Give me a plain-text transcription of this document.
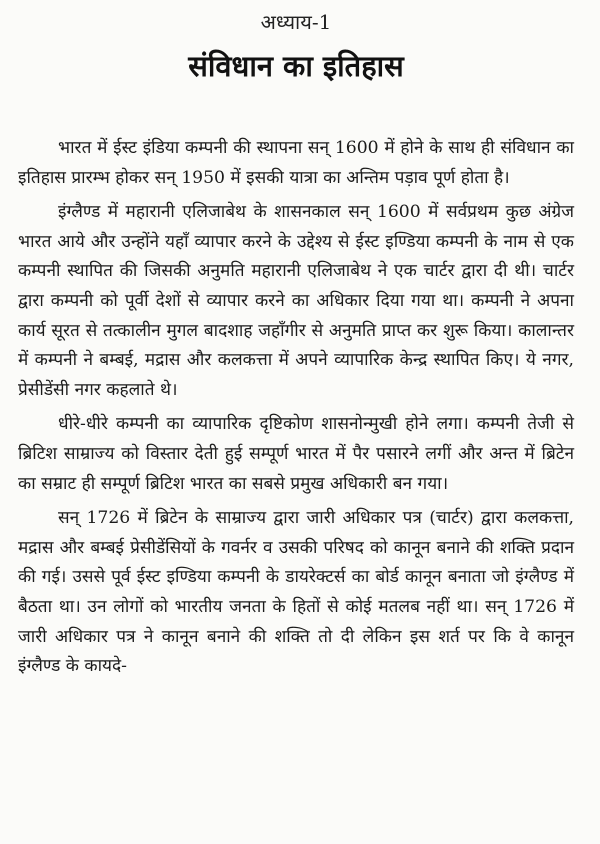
अध्याय-1

संविधान का इतिहास

भारत में ईस्ट इंडिया कम्पनी की स्थापना सन् 1600 में होने के साथ ही संविधान का इतिहास प्रारम्भ होकर सन् 1950 में इसकी यात्रा का अन्तिम पड़ाव पूर्ण होता है।

इंग्लैण्ड में महारानी एलिजाबेथ के शासनकाल सन् 1600 में सर्वप्रथम कुछ अंग्रेज भारत आये और उन्होंने यहाँ व्यापार करने के उद्देश्य से ईस्ट इण्डिया कम्पनी के नाम से एक कम्पनी स्थापित की जिसकी अनुमति महारानी एलिजाबेथ ने एक चार्टर द्वारा दी थी। चार्टर द्वारा कम्पनी को पूर्वी देशों से व्यापार करने का अधिकार दिया गया था। कम्पनी ने अपना कार्य सूरत से तत्कालीन मुगल बादशाह जहाँगीर से अनुमति प्राप्त कर शुरू किया। कालान्तर में कम्पनी ने बम्बई, मद्रास और कलकत्ता में अपने व्यापारिक केन्द्र स्थापित किए। ये नगर, प्रेसीडेंसी नगर कहलाते थे।

धीरे-धीरे कम्पनी का व्यापारिक दृष्टिकोण शासनोन्मुखी होने लगा। कम्पनी तेजी से ब्रिटिश साम्राज्य को विस्तार देती हुई सम्पूर्ण भारत में पैर पसारने लगीं और अन्त में ब्रिटेन का सम्राट ही सम्पूर्ण ब्रिटिश भारत का सबसे प्रमुख अधिकारी बन गया।

सन् 1726 में ब्रिटेन के साम्राज्य द्वारा जारी अधिकार पत्र (चार्टर) द्वारा कलकत्ता, मद्रास और बम्बई प्रेसीडेंसियों के गवर्नर व उसकी परिषद को कानून बनाने की शक्ति प्रदान की गई। उससे पूर्व ईस्ट इण्डिया कम्पनी के डायरेक्टर्स का बोर्ड कानून बनाता जो इंग्लैण्ड में बैठता था। उन लोगों को भारतीय जनता के हितों से कोई मतलब नहीं था। सन् 1726 में जारी अधिकार पत्र ने कानून बनाने की शक्ति तो दी लेकिन इस शर्त पर कि वे कानून इंग्लैण्ड के कायदे-
